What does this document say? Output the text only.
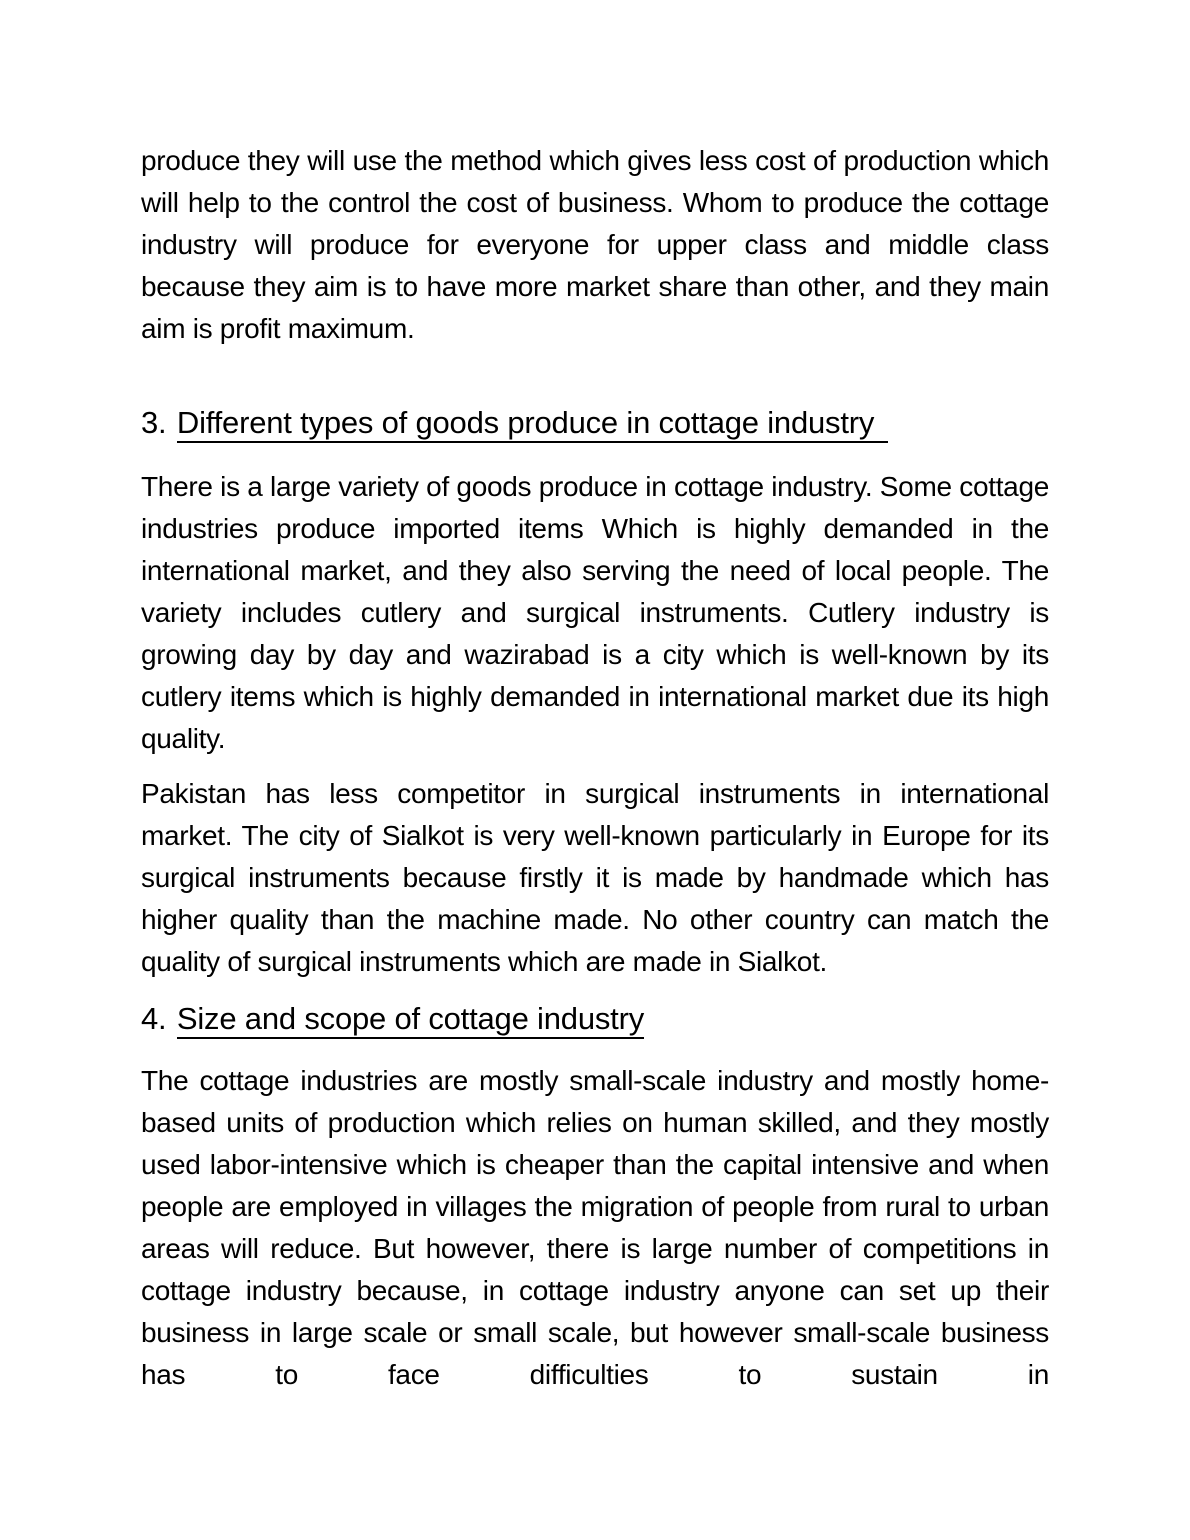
produce they will use the method which gives less cost of production which will help to the control the cost of business. Whom to produce the cottage industry will produce for everyone for upper class and middle class because they aim is to have more market share than other, and they main aim is profit maximum.

3. Different types of goods produce in cottage industry

There is a large variety of goods produce in cottage industry. Some cottage industries produce imported items Which is highly demanded in the international market, and they also serving the need of local people. The variety includes cutlery and surgical instruments. Cutlery industry is growing day by day and wazirabad is a city which is well-known by its cutlery items which is highly demanded in international market due its high quality.

Pakistan has less competitor in surgical instruments in international market. The city of Sialkot is very well-known particularly in Europe for its surgical instruments because firstly it is made by handmade which has higher quality than the machine made. No other country can match the quality of surgical instruments which are made in Sialkot.

4. Size and scope of cottage industry

The cottage industries are mostly small-scale industry and mostly home-based units of production which relies on human skilled, and they mostly used labor-intensive which is cheaper than the capital intensive and when people are employed in villages the migration of people from rural to urban areas will reduce. But however, there is large number of competitions in cottage industry because, in cottage industry anyone can set up their business in large scale or small scale, but however small-scale business has to face difficulties to sustain in
